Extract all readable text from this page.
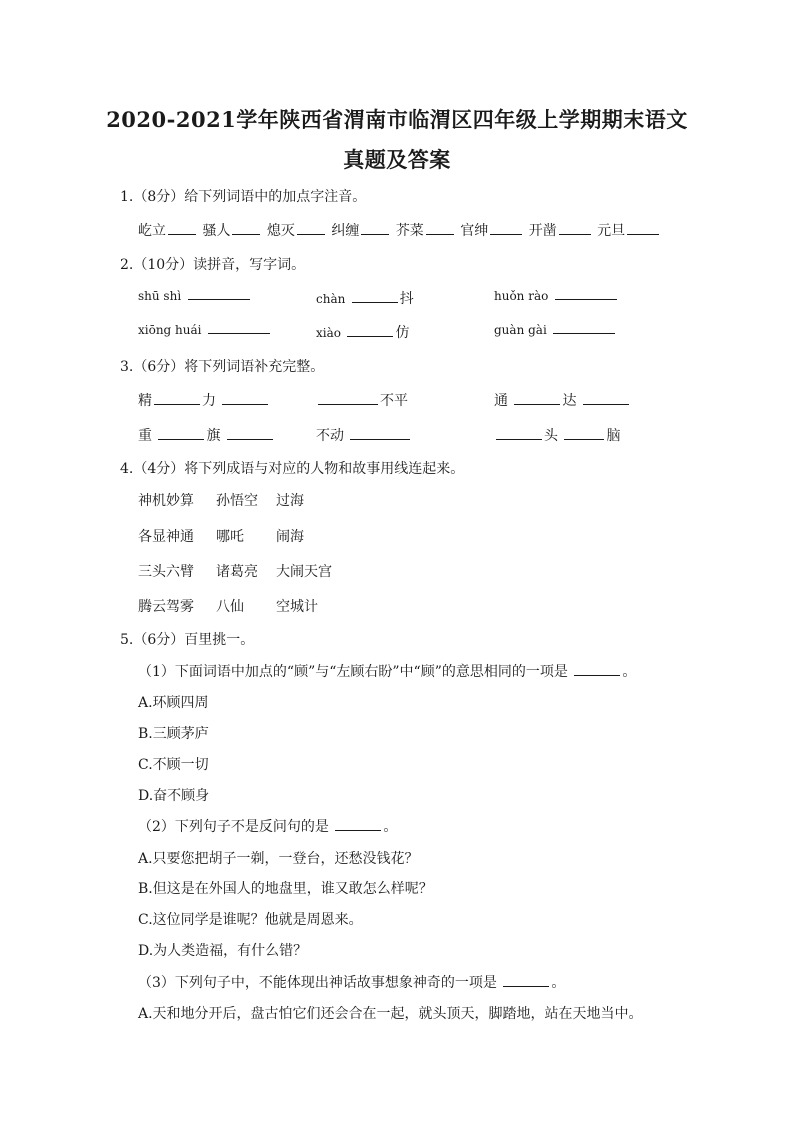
2020-2021学年陕西省渭南市临渭区四年级上学期期末语文
真题及答案
1.（8分）给下列词语中的加点字注音。
屹立	骚人	熄灭	纠缠	芥菜	官绅	开凿	元旦
2.（10分）读拼音，写字词。
shū shì	chàn	抖	huǒn rào
xiōng huái	xiào	仿	guàn gài
3.（6分）将下列词语补充完整。
精	力	不平	通	达
重	旗	不动	头	脑
4.（4分）将下列成语与对应的人物和故事用线连起来。
神机妙算 孙悟空 过海
各显神通 哪吒 闹海
三头六臂 诸葛亮 大闹天宫
腾云驾雾 八仙 空城计
5.（6分）百里挑一。
（1）下面词语中加点的“顾”与“左顾右盼”中“顾”的意思相同的一项是	。
A.环顾四周
B.三顾茅庐
C.不顾一切
D.奋不顾身
（2）下列句子不是反问句的是	。
A.只要您把胡子一剃，一登台，还愁没钱花？
B.但这是在外国人的地盘里，谁又敢怎么样呢？
C.这位同学是谁呢？他就是周恩来。
D.为人类造福，有什么错？
（3）下列句子中，不能体现出神话故事想象神奇的一项是	。
A.天和地分开后，盘古怕它们还会合在一起，就头顶天，脚踏地，站在天地当中。
